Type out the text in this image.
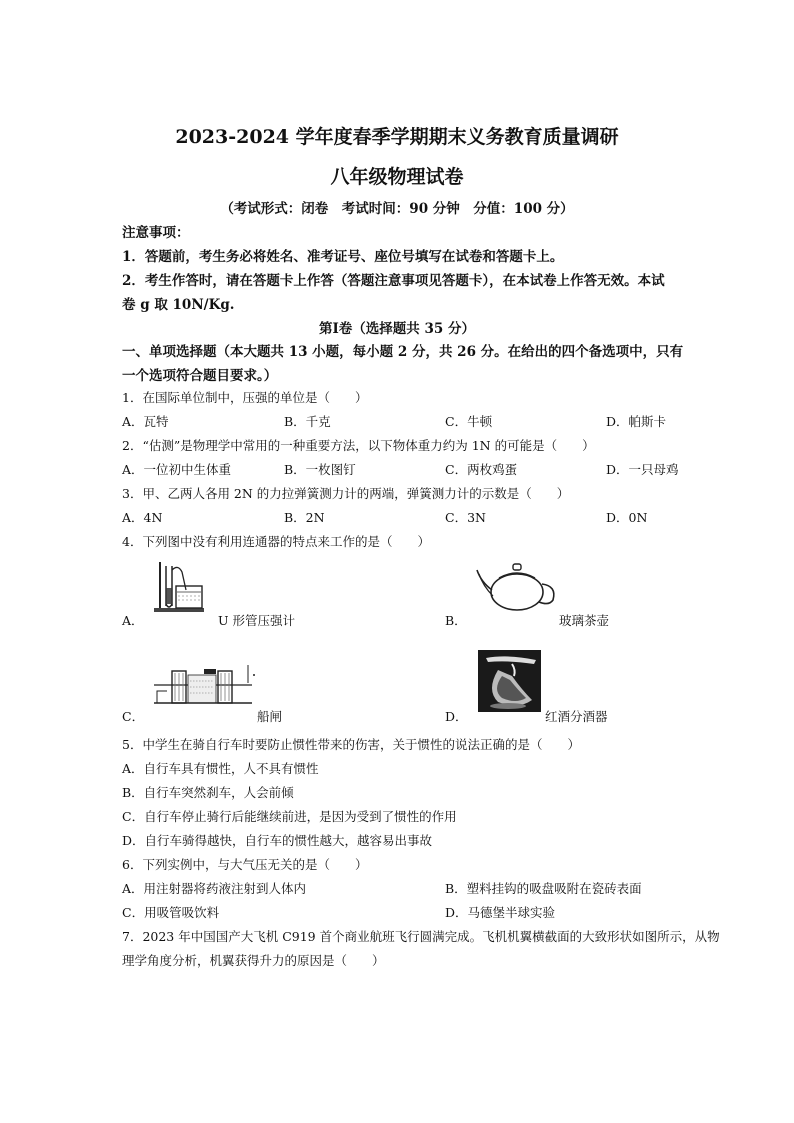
2023-2024 学年度春季学期期末义务教育质量调研
八年级物理试卷
（考试形式：闭卷　考试时间：90 分钟　分值：100 分）
注意事项：
1．答题前，考生务必将姓名、准考证号、座位号填写在试卷和答题卡上。
2．考生作答时，请在答题卡上作答（答题注意事项见答题卡），在本试卷上作答无效。本试
卷 g 取 10N/Kg.
第Ⅰ卷（选择题共 35 分）
一、单项选择题（本大题共 13 小题，每小题 2 分，共 26 分。在给出的四个备选项中，只有
一个选项符合题目要求。）
1．在国际单位制中，压强的单位是（　　）
A．瓦特	B．千克	C．牛顿	D．帕斯卡
2．“估测”是物理学中常用的一种重要方法，以下物体重力约为 1N 的可能是（　　）
A．一位初中生体重	B．一枚图钉	C．两枚鸡蛋	D．一只母鸡
3．甲、乙两人各用 2N 的力拉弹簧测力计的两端，弹簧测力计的示数是（　　）
A．4N	B．2N	C．3N	D．0N
4．下列图中没有利用连通器的特点来工作的是（　　）
A．	U 形管压强计	B．	玻璃茶壶
C．	船闸	D．	红酒分酒器
5．中学生在骑自行车时要防止惯性带来的伤害，关于惯性的说法正确的是（　　）
A．自行车具有惯性，人不具有惯性
B．自行车突然刹车，人会前倾
C．自行车停止骑行后能继续前进，是因为受到了惯性的作用
D．自行车骑得越快，自行车的惯性越大，越容易出事故
6．下列实例中，与大气压无关的是（　　）
A．用注射器将药液注射到人体内	B．塑料挂钩的吸盘吸附在瓷砖表面
C．用吸管吸饮料	D．马德堡半球实验
7．2023 年中国国产大飞机 C919 首个商业航班飞行圆满完成。飞机机翼横截面的大致形状如图所示，从物
理学角度分析，机翼获得升力的原因是（　　）
